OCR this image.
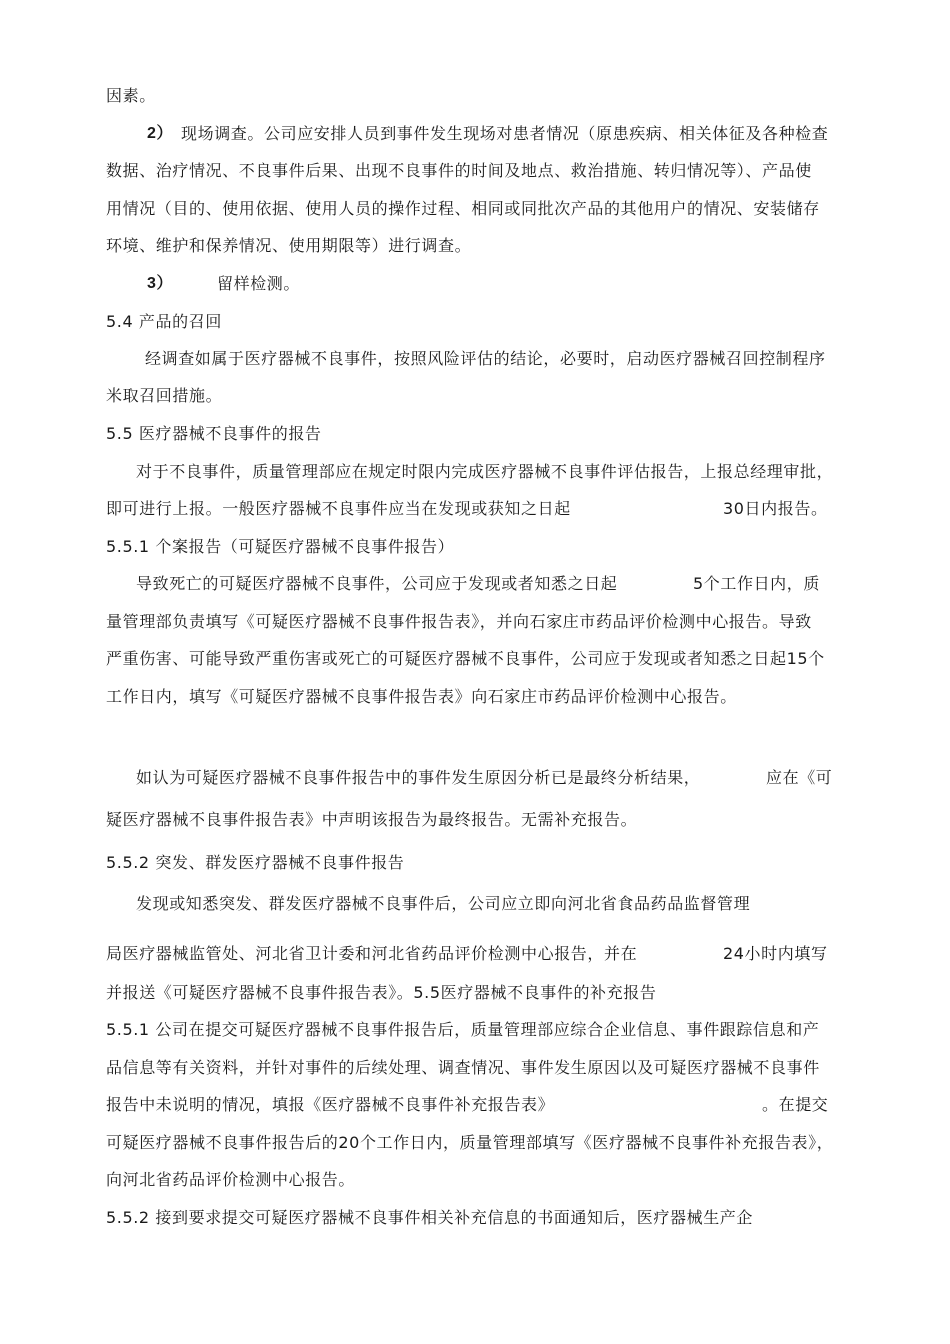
因素。
2） 现场调查。公司应安排人员到事件发生现场对患者情况（原患疾病、相关体征及各种检查
数据、治疗情况、不良事件后果、出现不良事件的时间及地点、救治措施、转归情况等）、产品使
用情况（目的、使用依据、使用人员的操作过程、相同或同批次产品的其他用户的情况、安装储存
环境、维护和保养情况、使用期限等）进行调查。
3）	留样检测。
5.4 产品的召回
经调查如属于医疗器械不良事件，按照风险评估的结论，必要时，启动医疗器械召回控制程序
米取召回措施。
5.5 医疗器械不良事件的报告
对于不良事件，质量管理部应在规定时限内完成医疗器械不良事件评估报告，上报总经理审批，
即可进行上报。一般医疗器械不良事件应当在发现或获知之日起	30日内报告。
5.5.1 个案报告（可疑医疗器械不良事件报告）
导致死亡的可疑医疗器械不良事件，公司应于发现或者知悉之日起	5个工作日内，质
量管理部负责填写《可疑医疗器械不良事件报告表》，并向石家庄市药品评价检测中心报告。导致
严重伤害、可能导致严重伤害或死亡的可疑医疗器械不良事件，公司应于发现或者知悉之日起15个
工作日内，填写《可疑医疗器械不良事件报告表》向石家庄市药品评价检测中心报告。
如认为可疑医疗器械不良事件报告中的事件发生原因分析已是最终分析结果，	应在《可
疑医疗器械不良事件报告表》中声明该报告为最终报告。无需补充报告。
5.5.2 突发、群发医疗器械不良事件报告
发现或知悉突发、群发医疗器械不良事件后，公司应立即向河北省食品药品监督管理
局医疗器械监管处、河北省卫计委和河北省药品评价检测中心报告，并在	24小时内填写
并报送《可疑医疗器械不良事件报告表》。5.5医疗器械不良事件的补充报告
5.5.1 公司在提交可疑医疗器械不良事件报告后，质量管理部应综合企业信息、事件跟踪信息和产
品信息等有关资料，并针对事件的后续处理、调查情况、事件发生原因以及可疑医疗器械不良事件
报告中未说明的情况，填报《医疗器械不良事件补充报告表》	。在提交
可疑医疗器械不良事件报告后的20个工作日内，质量管理部填写《医疗器械不良事件补充报告表》，
向河北省药品评价检测中心报告。
5.5.2 接到要求提交可疑医疗器械不良事件相关补充信息的书面通知后，医疗器械生产企
